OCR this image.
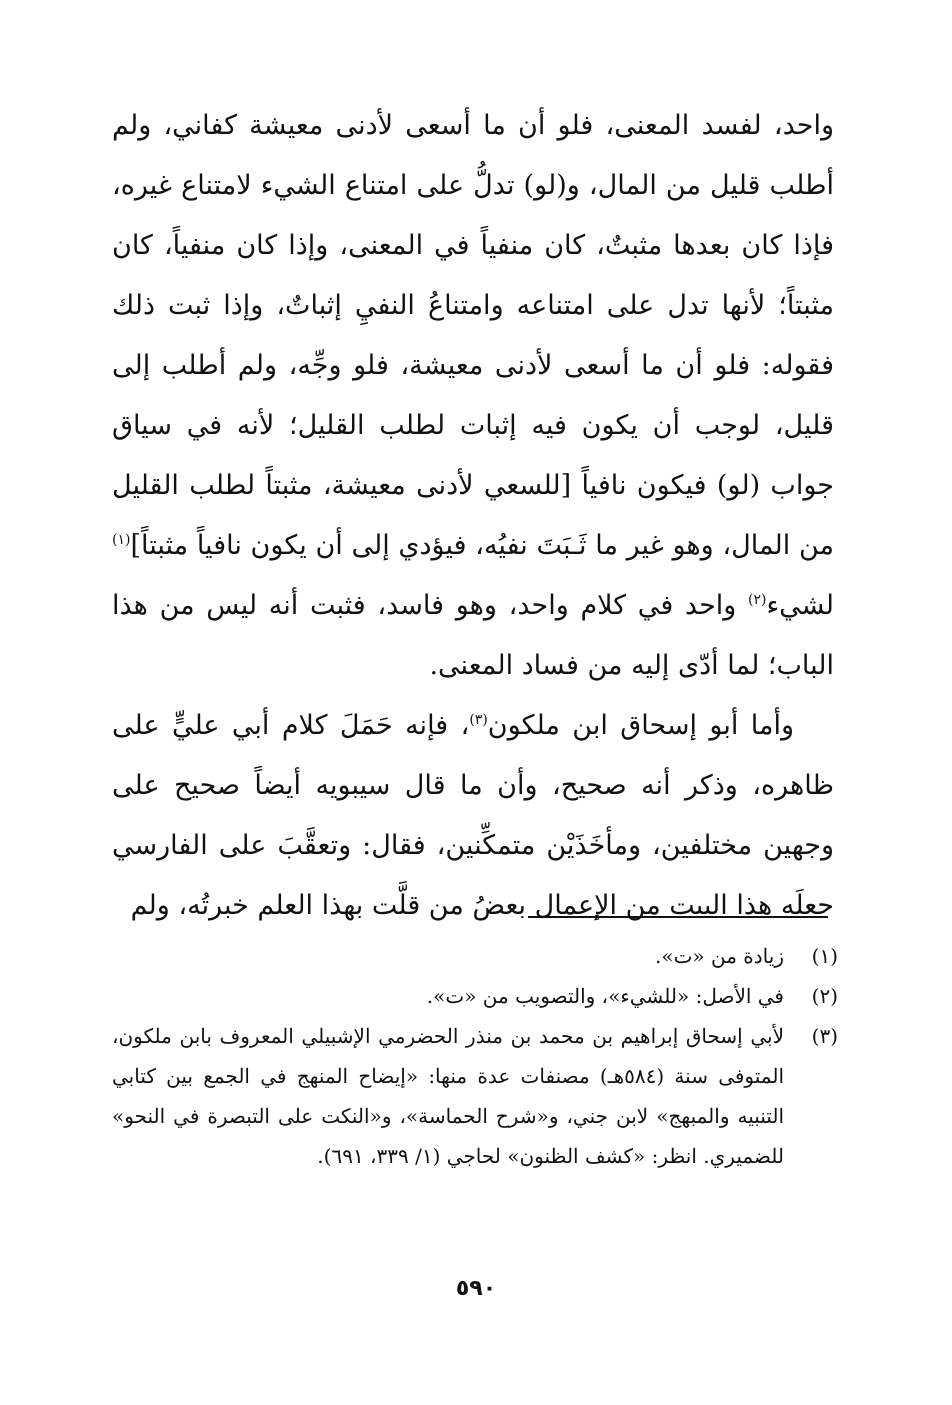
واحد، لفسد المعنى، فلو أن ما أسعى لأدنى معيشة كفاني، ولم أطلب قليل من المال، و(لو) تدلُّ على امتناع الشيء لامتناع غيره، فإذا كان بعدها مثبتٌ، كان منفياً في المعنى، وإذا كان منفياً، كان مثبتاً؛ لأنها تدل على امتناعه وامتناعُ النفيِ إثباتٌ، وإذا ثبت ذلك فقوله: فلو أن ما أسعى لأدنى معيشة، فلو وجِّه، ولم أطلب إلى قليل، لوجب أن يكون فيه إثبات لطلب القليل؛ لأنه في سياق جواب (لو) فيكون نافياً [للسعي لأدنى معيشة، مثبتاً لطلب القليل من المال، وهو غير ما ثَـبَتَ نفيُه، فيؤدي إلى أن يكون نافياً مثبتاً]$^{(١)}$ لشيء$^{(٢)}$ واحد في كلام واحد، وهو فاسد، فثبت أنه ليس من هذا الباب؛ لما أدّى إليه من فساد المعنى.

وأما أبو إسحاق ابن ملكون$^{(٣)}$، فإنه حَمَلَ كلام أبي عليٍّ على ظاهره، وذكر أنه صحيح، وأن ما قال سيبويه أيضاً صحيح على وجهين مختلفين، ومأخَذَيْن متمكِّنين، فقال: وتعقَّبَ على الفارسي جعلَه هذا البيت من الإعمال بعضُ من قلَّت بهذا العلم خبرتُه، ولم

(١)
زيادة من «ت».
(٢)
في الأصل: «للشيء»، والتصويب من «ت».
(٣)
لأبي إسحاق إبراهيم بن محمد بن منذر الحضرمي الإشبيلي المعروف بابن ملكون، المتوفى سنة (٥٨٤هـ) مصنفات عدة منها: «إيضاح المنهج في الجمع بين كتابي التنبيه والمبهج» لابن جني، و«شرح الحماسة»، و«النكت على التبصرة في النحو» للضميري. انظر: «كشف الظنون» لحاجي (١/ ٣٣٩، ٦٩١).
٥٩٠
